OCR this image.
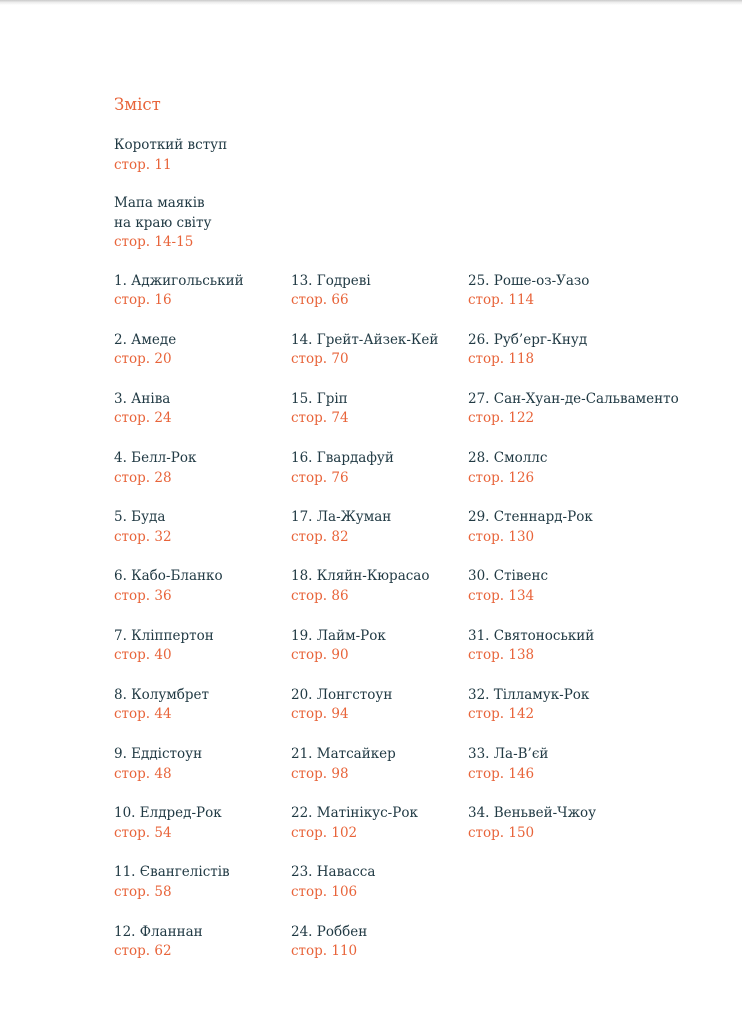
Зміст
Короткий вступ
стор. 11
Мапа маяків
на краю світу
стор. 14-15
1. Аджигольський
стор. 16
2. Амеде
стор. 20
3. Анівa
стор. 24
4. Белл-Рок
стор. 28
5. Буда
стор. 32
6. Кабо-Бланко
стор. 36
7. Кліппертон
стор. 40
8. Колумбрет
стор. 44
9. Еддістоун
стор. 48
10. Елдред-Рок
стор. 54
11. Євангелістів
стор. 58
12. Фланнан
стор. 62
13. Годреві
стор. 66
14. Грейт-Айзек-Кей
стор. 70
15. Гріп
стор. 74
16. Гвардафуй
стор. 76
17. Ла-Жуман
стор. 82
18. Кляйн-Кюрасао
стор. 86
19. Лайм-Рок
стор. 90
20. Лонгстоун
стор. 94
21. Матсайкер
стор. 98
22. Матінікус-Рок
стор. 102
23. Навасса
стор. 106
24. Роббен
стор. 110
25. Роше-оз-Уазо
стор. 114
26. Руб’ерг-Кнуд
стор. 118
27. Сан-Хуан-де-Сальваменто
стор. 122
28. Смоллс
стор. 126
29. Стеннард-Рок
стор. 130
30. Стівенс
стор. 134
31. Святоноський
стор. 138
32. Тілламук-Рок
стор. 142
33. Ла-В’єй
стор. 146
34. Веньвей-Чжоу
стор. 150
